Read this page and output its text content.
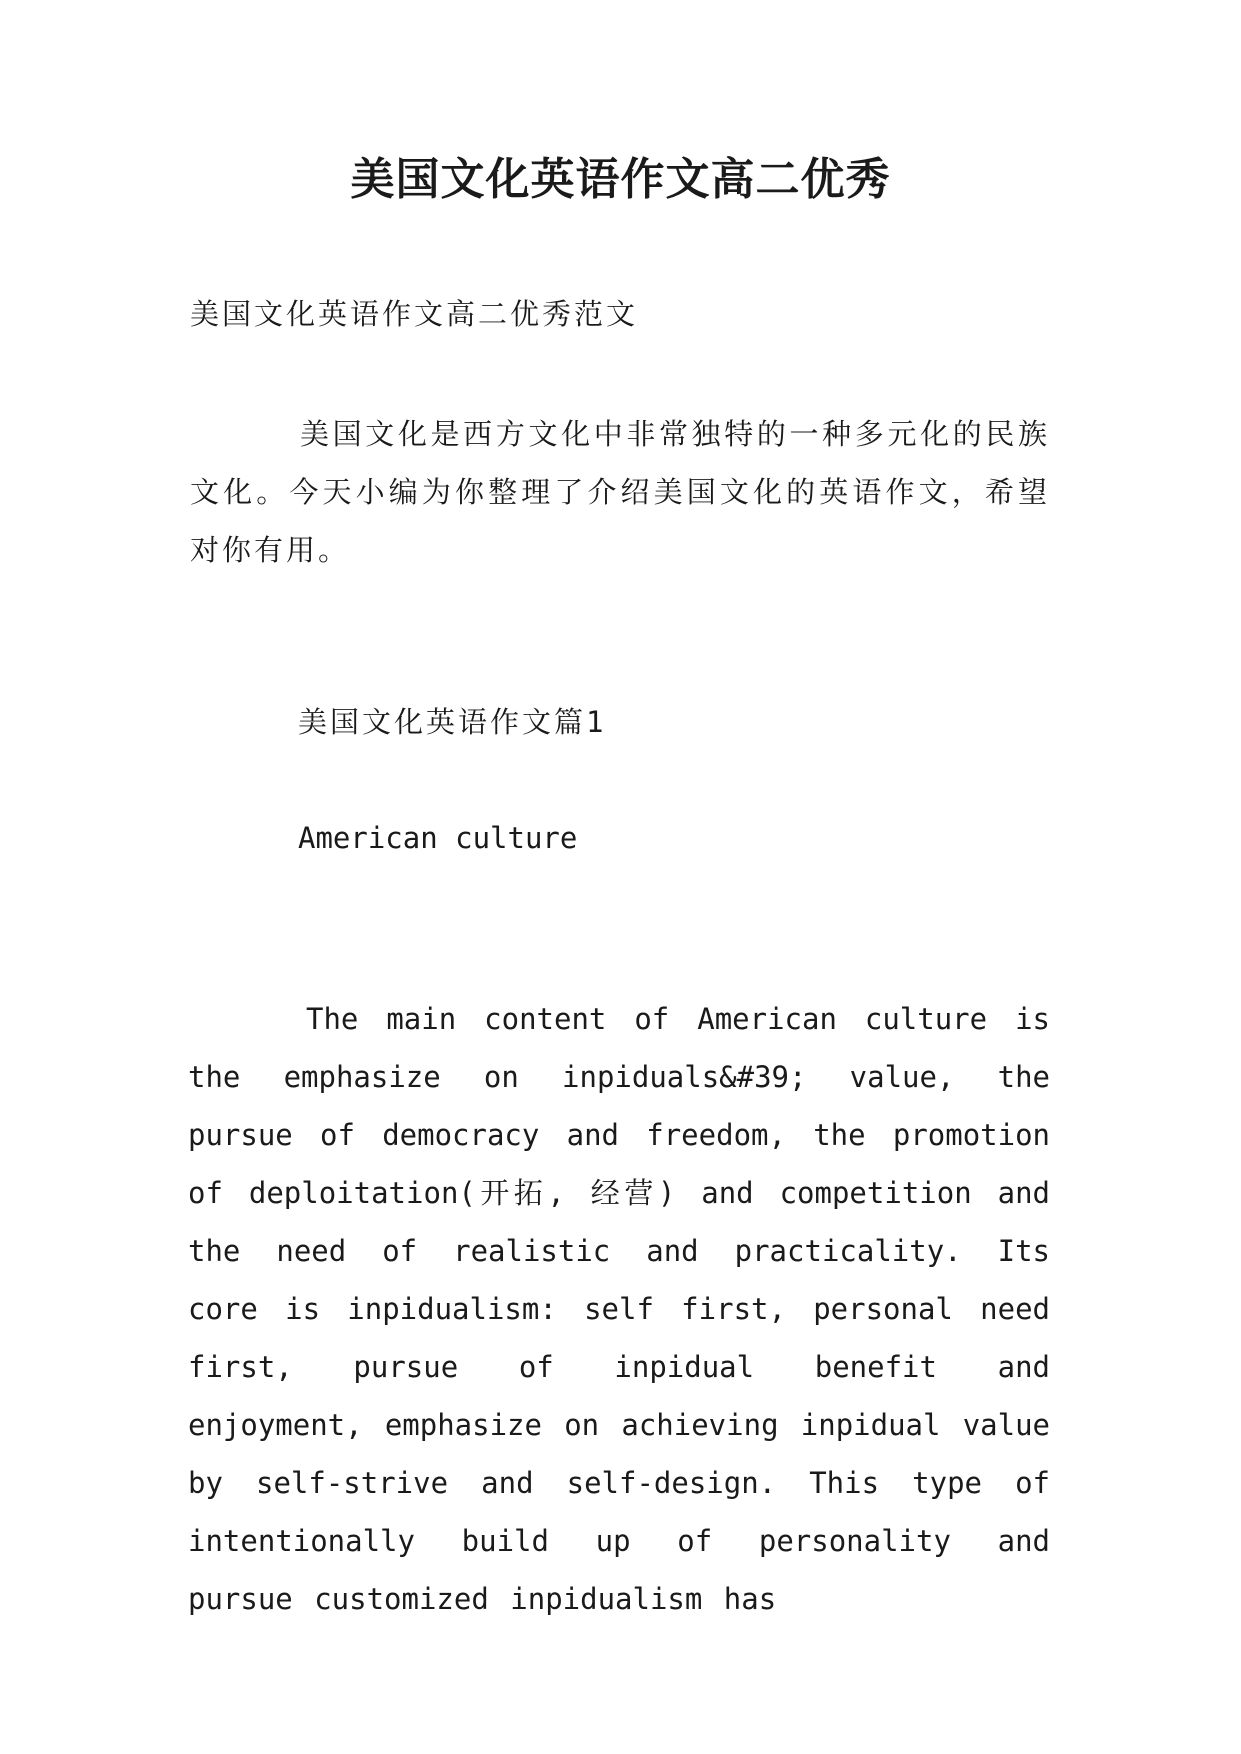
美国文化英语作文高二优秀

美国文化英语作文高二优秀范文

美国文化是西方文化中非常独特的一种多元化的民族文化。今天小编为你整理了介绍美国文化的英语作文，希望对你有用。

美国文化英语作文篇1

American culture

The main content of American culture is the emphasize on inpiduals&#39; value, the pursue of democracy and freedom, the promotion of deploitation(开拓, 经营) and competition and the need of realistic and practicality. Its core is inpidualism: self first, personal need first, pursue of inpidual benefit and enjoyment, emphasize on achieving inpidual value by self-strive and self-design. This type of intentionally build up of personality and pursue customized inpidualism has
